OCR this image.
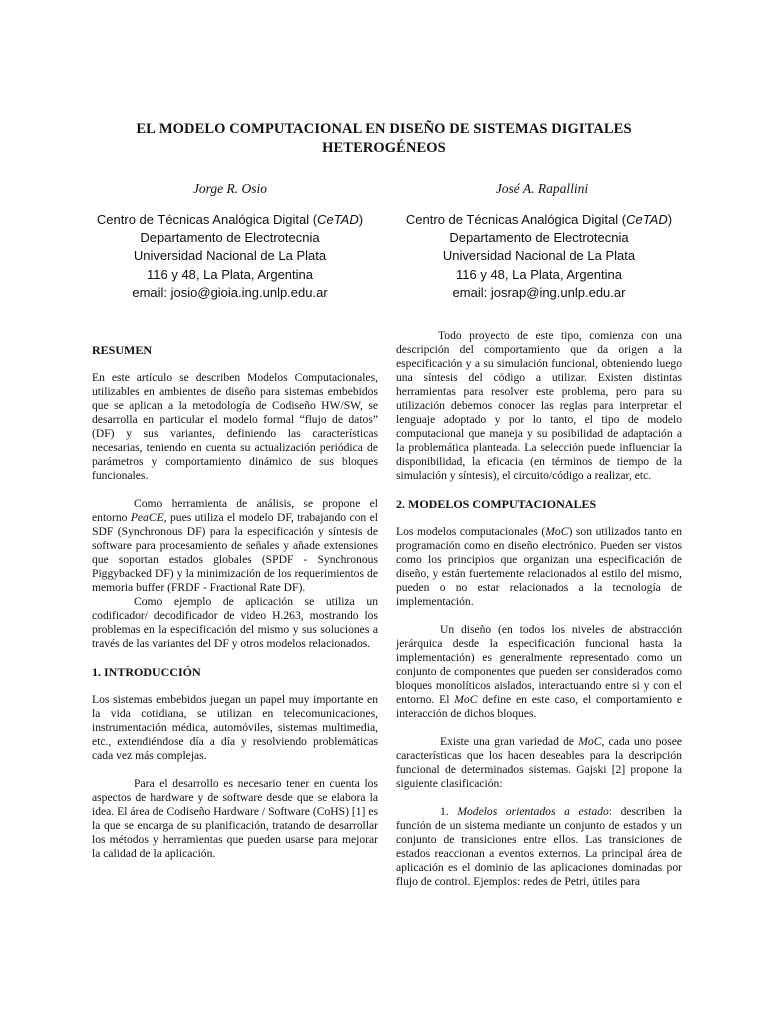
EL MODELO COMPUTACIONAL EN DISEÑO DE SISTEMAS DIGITALES
HETEROGÉNEOS
Jorge R. Osio	José A. Rapallini
Centro de Técnicas Analógica Digital (CeTAD)
Departamento de Electrotecnia
Universidad Nacional de La Plata
116 y 48, La Plata, Argentina
email: josio@gioia.ing.unlp.edu.ar
Centro de Técnicas Analógica Digital (CeTAD)
Departamento de Electrotecnia
Universidad Nacional de La Plata
116 y 48, La Plata, Argentina
email: josrap@ing.unlp.edu.ar

RESUMEN

En este artículo se describen Modelos Computacionales, utilizables en ambientes de diseño para sistemas embebidos que se aplican a la metodología de Codiseño HW/SW, se desarrolla en particular el modelo formal “flujo de datos” (DF) y sus variantes, definiendo las características necesarias, teniendo en cuenta su actualización periódica de parámetros y comportamiento dinámico de sus bloques funcionales.

Como herramienta de análisis, se propone el entorno PeaCE, pues utiliza el modelo DF, trabajando con el SDF (Synchronous DF) para la especificación y síntesis de software para procesamiento de señales y añade extensiones que soportan estados globales (SPDF - Synchronous Piggybacked DF) y la minimización de los requerimientos de memoria buffer (FRDF - Fractional Rate DF).

Como ejemplo de aplicación se utiliza un codificador/ decodificador de video H.263, mostrando los problemas en la especificación del mismo y sus soluciones a través de las variantes del DF y otros modelos relacionados.

1. INTRODUCCIÓN

Los sistemas embebidos juegan un papel muy importante en la vida cotidiana, se utilizan en telecomunicaciones, instrumentación médica, automóviles, sistemas multimedia, etc., extendiéndose día a día y resolviendo problemáticas cada vez más complejas.

Para el desarrollo es necesario tener en cuenta los aspectos de hardware y de software desde que se elabora la idea. El área de Codiseño Hardware / Software (CoHS) [1] es la que se encarga de su planificación, tratando de desarrollar los métodos y herramientas que pueden usarse para mejorar la calidad de la aplicación.

Todo proyecto de este tipo, comienza con una descripción del comportamiento que da origen a la especificación y a su simulación funcional, obteniendo luego una síntesis del código a utilizar. Existen distintas herramientas para resolver este problema, pero para su utilización debemos conocer las reglas para interpretar el lenguaje adoptado y por lo tanto, el tipo de modelo computacional que maneja y su posibilidad de adaptación a la problemática planteada. La selección puede influenciar la disponibilidad, la eficacia (en términos de tiempo de la simulación y síntesis), el circuito/código a realizar, etc.

2. MODELOS COMPUTACIONALES

Los modelos computacionales (MoC) son utilizados tanto en programación como en diseño electrónico. Pueden ser vistos como los principios que organizan una especificación de diseño, y están fuertemente relacionados al estilo del mismo, pueden o no estar relacionados a la tecnología de implementación.

Un diseño (en todos los niveles de abstracción jerárquica desde la especificación funcional hasta la implementación) es generalmente representado como un conjunto de componentes que pueden ser considerados como bloques monolíticos aislados, interactuando entre si y con el entorno. El MoC define en este caso, el comportamiento e interacción de dichos bloques.

Existe una gran variedad de MoC, cada uno posee características que los hacen deseables para la descripción funcional de determinados sistemas. Gajski [2] propone la siguiente clasificación:

1. Modelos orientados a estado: describen la función de un sistema mediante un conjunto de estados y un conjunto de transiciones entre ellos. Las transiciones de estados reaccionan a eventos externos. La principal área de aplicación es el dominio de las aplicaciones dominadas por flujo de control. Ejemplos: redes de Petri, útiles para
